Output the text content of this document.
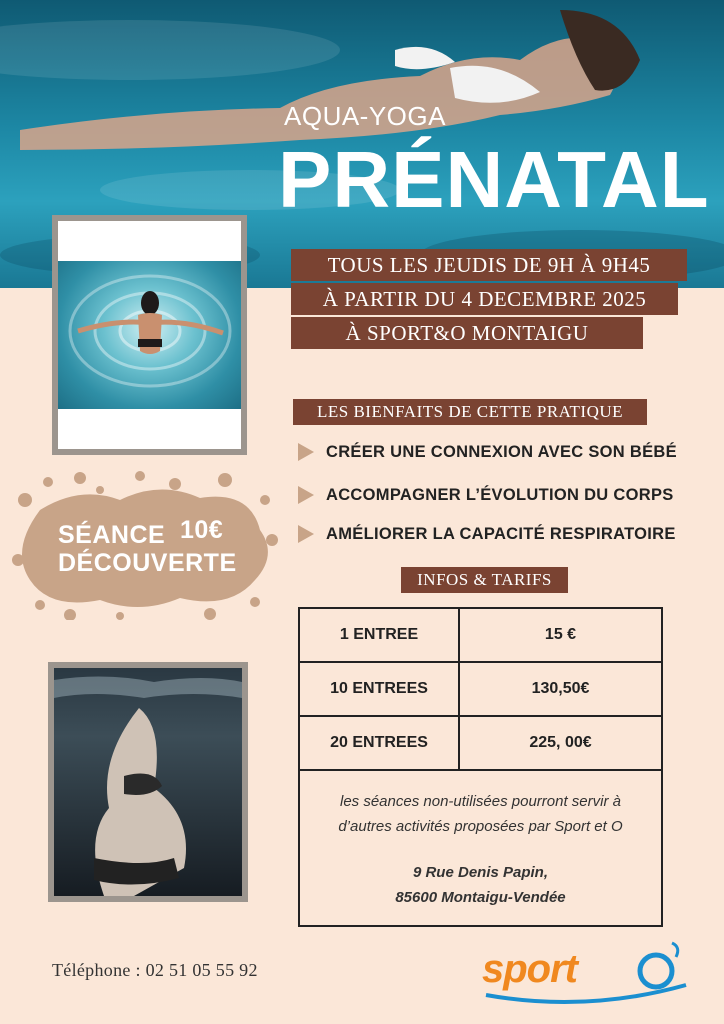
AQUA-YOGA
PRÉNATAL
TOUS LES JEUDIS DE 9H À 9H45
À PARTIR DU 4 DECEMBRE 2025
À SPORT&O MONTAIGU
SÉANCE 10€
DÉCOUVERTE
LES BIENFAITS DE CETTE PRATIQUE
CRÉER UNE CONNEXION AVEC SON BÉBÉ
ACCOMPAGNER L’ÉVOLUTION DU CORPS
AMÉLIORER LA CAPACITÉ RESPIRATOIRE
INFOS & TARIFS
1 ENTREE	15 €
10 ENTREES	130,50€
20 ENTREES	225, 00€
les séances non-utilisées pourront servir à
d’autres activités proposées par Sport et O
9 Rue Denis Papin,
85600 Montaigu-Vendée
Téléphone : 02 51 05 55 92	sport
